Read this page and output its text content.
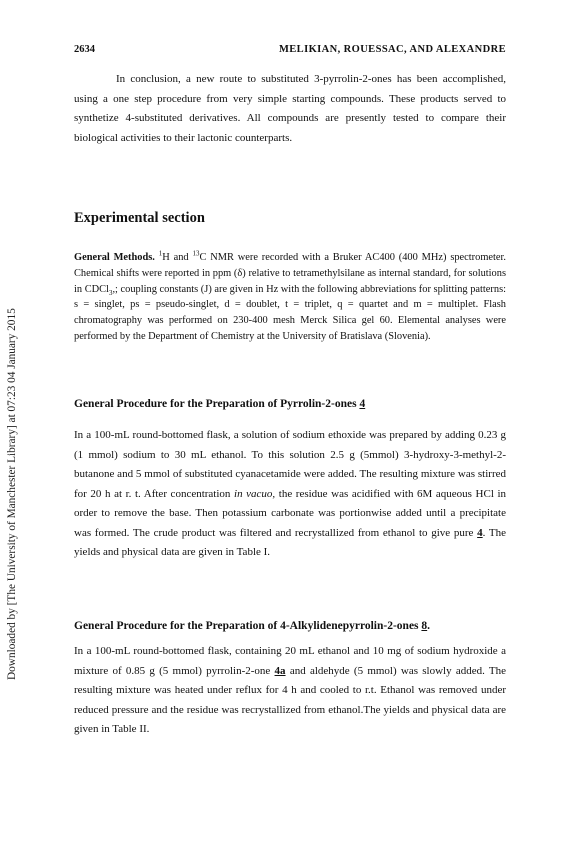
Downloaded by [The University of Manchester Library] at 07:23 04 January 2015
2634	MELIKIAN, ROUESSAC, AND ALEXANDRE

In conclusion, a new route to substituted 3-pyrrolin-2-ones has been accomplished, using a one step procedure from very simple starting compounds. These products served to synthetize 4-substituted derivatives. All compounds are presently tested to compare their biological activities to their lactonic counterparts.

Experimental section

General Methods. $^1$H and $^{13}$C NMR were recorded with a Bruker AC400 (400 MHz) spectrometer. Chemical shifts were reported in ppm (δ) relative to tetramethylsilane as internal standard, for solutions in CDCl$_3$,; coupling constants (J) are given in Hz with the following abbreviations for splitting patterns: s = singlet, ps = pseudo-singlet, d = doublet, t = triplet, q = quartet and m = multiplet. Flash chromatography was performed on 230-400 mesh Merck Silica gel 60. Elemental analyses were performed by the Department of Chemistry at the University of Bratislava (Slovenia).

General Procedure for the Preparation of Pyrrolin-2-ones 4

In a 100-mL round-bottomed flask, a solution of sodium ethoxide was prepared by adding 0.23 g (1 mmol) sodium to 30 mL ethanol. To this solution 2.5 g (5mmol) 3-hydroxy-3-methyl-2-butanone and 5 mmol of substituted cyanacetamide were added. The resulting mixture was stirred for 20 h at r. t. After concentration in vacuo, the residue was acidified with 6M aqueous HCl in order to remove the base. Then potassium carbonate was portionwise added until a precipitate was formed. The crude product was filtered and recrystallized from ethanol to give pure 4. The yields and physical data are given in Table I.

General Procedure for the Preparation of 4-Alkylidenepyrrolin-2-ones 8.

In a 100-mL round-bottomed flask, containing 20 mL ethanol and 10 mg of sodium hydroxide a mixture of 0.85 g (5 mmol) pyrrolin-2-one 4a and aldehyde (5 mmol) was slowly added. The resulting mixture was heated under reflux for 4 h and cooled to r.t. Ethanol was removed under reduced pressure and the residue was recrystallized from ethanol.The yields and physical data are given in Table II.
